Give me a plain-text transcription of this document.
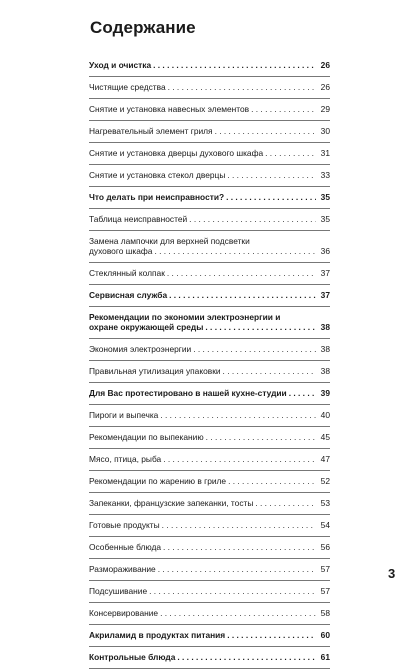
Содержание
Уход и очистка . . .	26
Чистящие средства . . .	26
Снятие и установка навесных элементов . . .	29
Нагревательный элемент гриля . . .	30
Снятие и установка дверцы духового шкафа . . .	31
Снятие и установка стекол дверцы . . .	33
Что делать при неисправности? . . .	35
Таблица неисправностей . . .	35
Замена лампочки для верхней подсветки
духового шкафа . . .	36
Стеклянный колпак . . .	37
Сервисная служба . . .	37
Рекомендации по экономии электроэнергии и
охране окружающей среды . . .	38
Экономия электроэнергии . . .	38
Правильная утилизация упаковки . . .	38
Для Вас протестировано в нашей кухне-студии . . .	39
Пироги и выпечка . . .	40
Рекомендации по выпеканию . . .	45
Мясо, птица, рыба . . .	47
Рекомендации по жарению в гриле . . .	52
Запеканки, французские запеканки, тосты . . .	53
Готовые продукты . . .	54
Особенные блюда . . .	56
Размораживание . . .	57
Подсушивание . . .	57
Консервирование . . .	58
Акриламид в продуктах питания . . .	60
Контрольные блюда . . .	61
3
